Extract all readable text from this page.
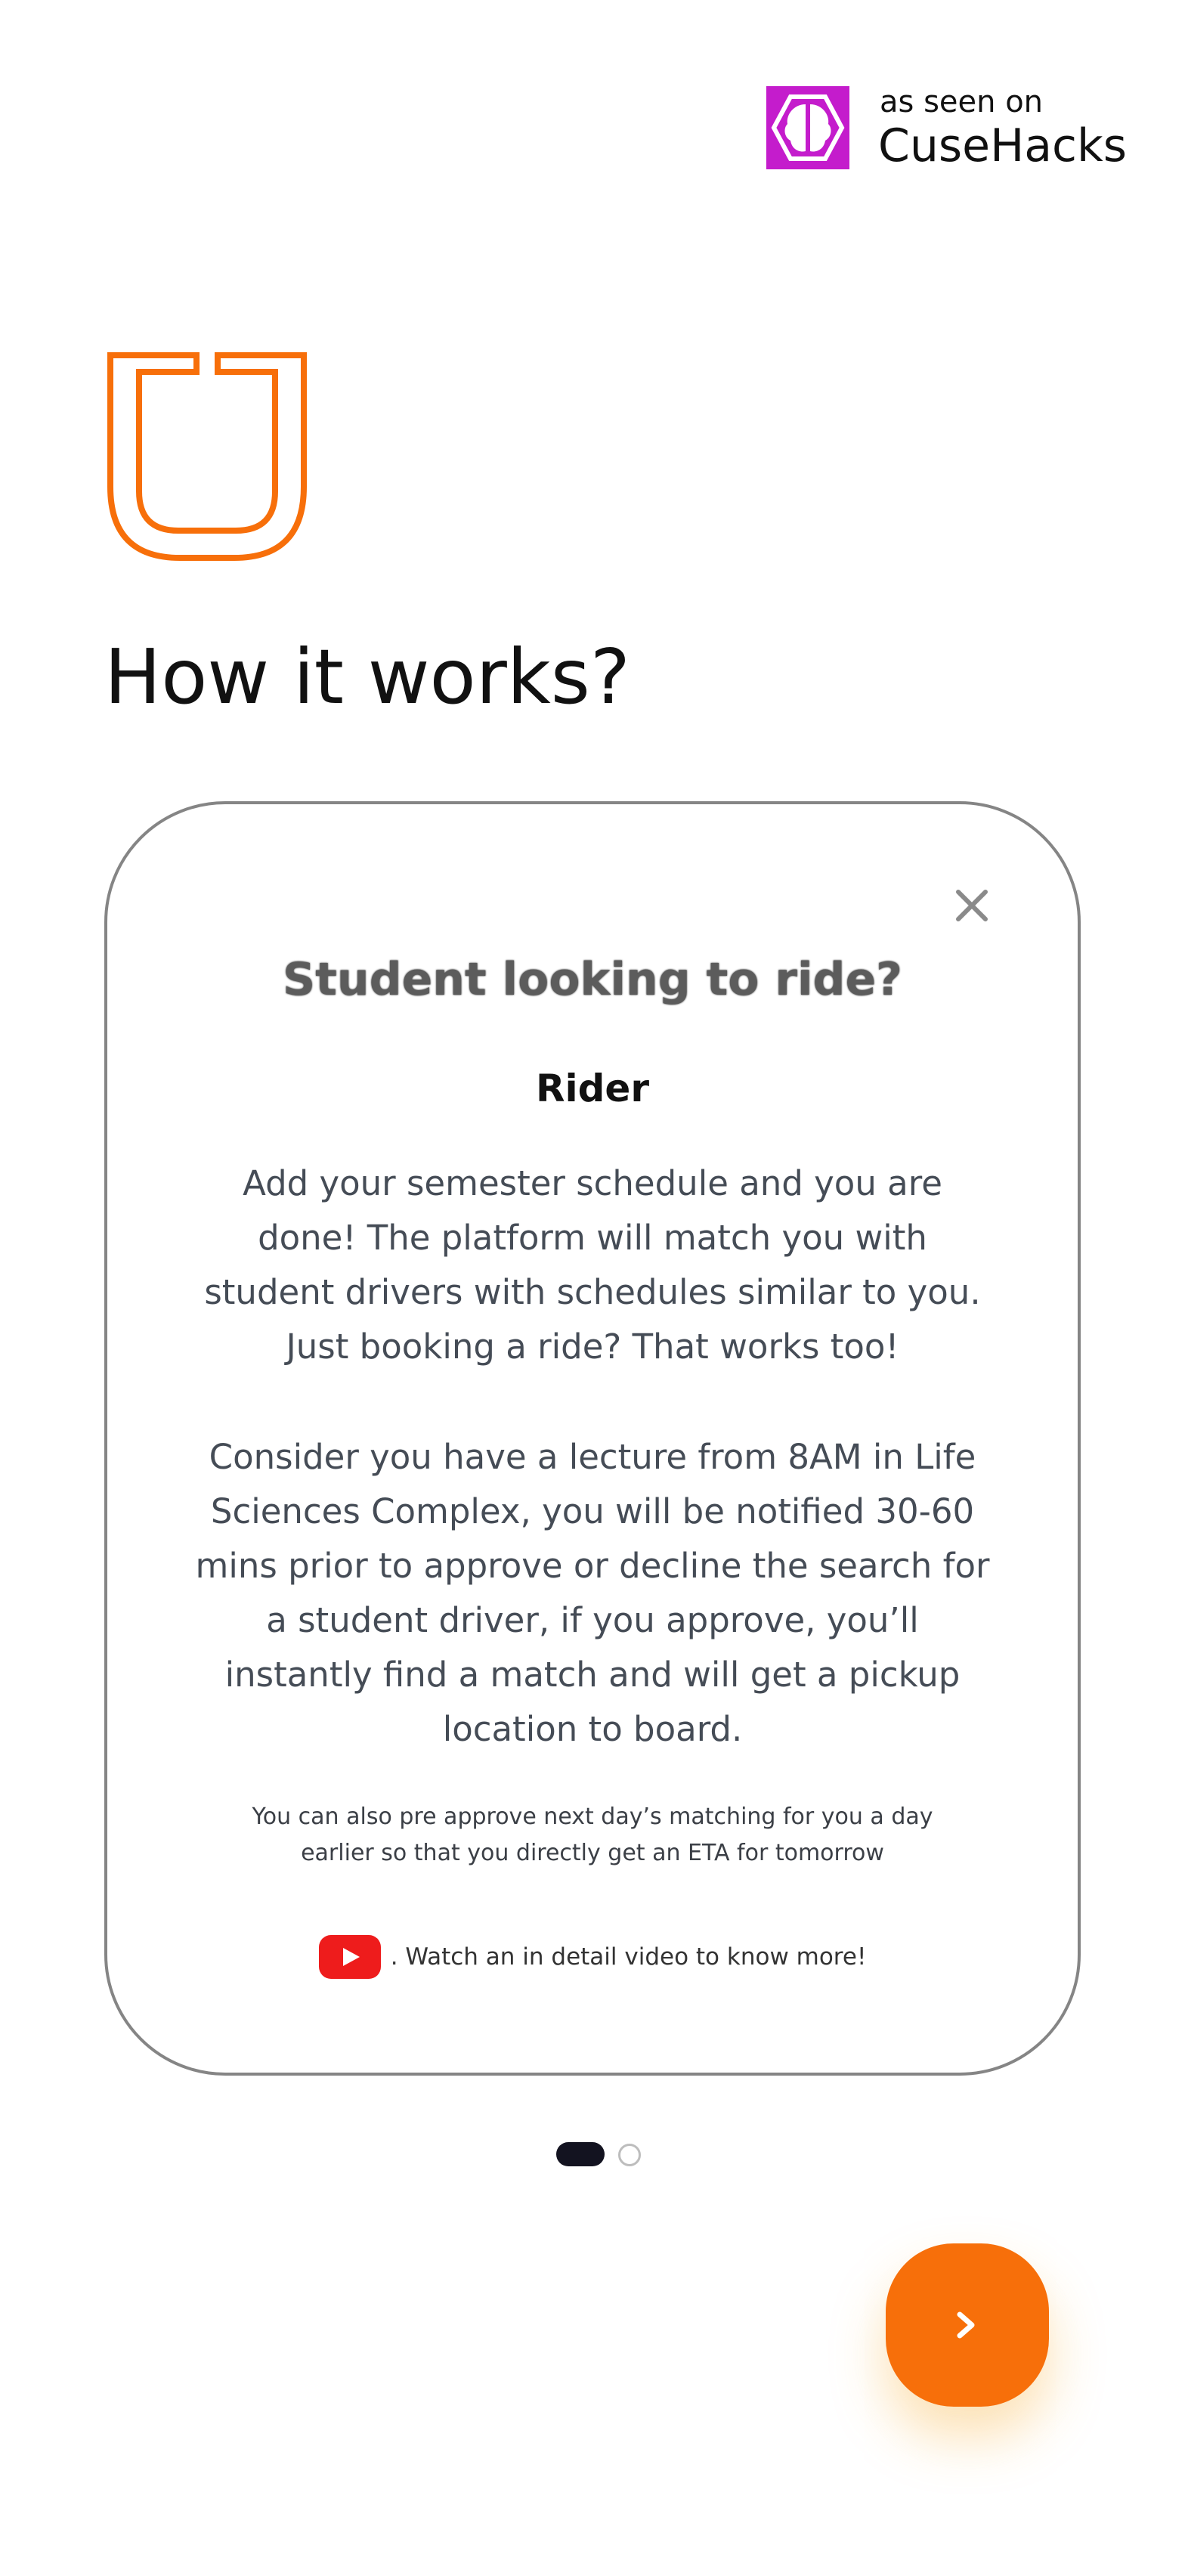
as seen on
CuseHacks
How it works?
Student looking to ride?
Rider

Add your semester schedule and you are done! The platform will match you with student drivers with schedules similar to you. Just booking a ride? That works too!

Consider you have a lecture from 8AM in Life Sciences Complex, you will be notified 30-60 mins prior to approve or decline the search for a student driver, if you approve, you’ll instantly find a match and will get a pickup location to board.

You can also pre approve next day’s matching for you a day earlier so that you directly get an ETA for tomorrow

. Watch an in detail video to know more!
